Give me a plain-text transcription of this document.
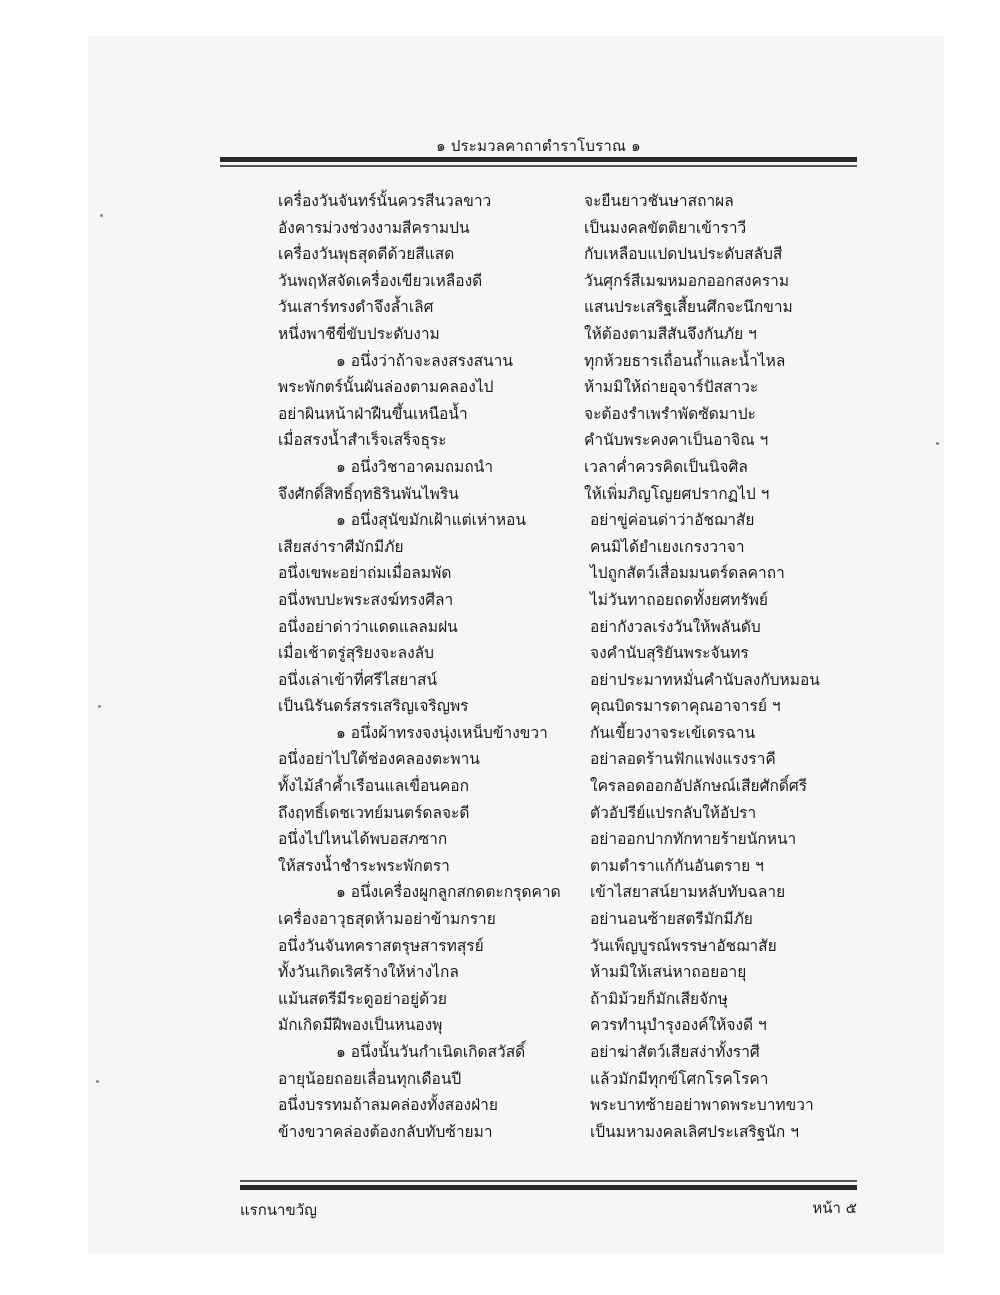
๑ ประมวลคาถาตำราโบราณ ๑
เครื่องวันจันทร์นั้นควรสีนวลขาว
อังคารม่วงช่วงงามสีครามปน
เครื่องวันพุธสุดดีด้วยสีแสด
วันพฤหัสจัดเครื่องเขียวเหลืองดี
วันเสาร์ทรงดำจึงล้ำเลิศ
หนึ่งพาชีขี่ขับประดับงาม
๑ อนึ่งว่าถ้าจะลงสรงสนาน
พระพักตร์นั้นผันล่องตามคลองไป
อย่าผินหน้าฝ่าฝืนขึ้นเหนือน้ำ
เมื่อสรงน้ำสำเร็จเสร็จธุระ
๑ อนึ่งวิชาอาคมถมถนำ
จึงศักดิ์สิทธิ์ฤทธิรินพันไพริน
๑ อนึ่งสุนัขมักเฝ้าแต่เห่าหอน
เสียสง่าราศีมักมีภัย
อนึ่งเขพะอย่าถ่มเมื่อลมพัด
อนึ่งพบปะพระสงฆ์ทรงศีลา
อนึ่งอย่าด่าว่าแดดแลลมฝน
เมื่อเช้าตรู่สุริยงจะลงลับ
อนึ่งเล่าเข้าที่ศรีไสยาสน์
เป็นนิรันดร์สรรเสริญเจริญพร
๑ อนึ่งผ้าทรงจงนุ่งเหน็บข้างขวา
อนึ่งอย่าไปใต้ช่องคลองตะพาน
ทั้งไม้ลำค้ำเรือนแลเขื่อนคอก
ถึงฤทธิ์เดชเวทย์มนตร์ดลจะดี
อนึ่งไปไหนได้พบอสภซาก
ให้สรงน้ำชำระพระพักตรา
๑ อนึ่งเครื่องผูกลูกสกดตะกรุดคาด
เครื่องอาวุธสุดห้ามอย่าข้ามกราย
อนึ่งวันจันทคราสตรุษสารทสุรย์
ทั้งวันเกิดเริศร้างให้ห่างไกล
แม้นสตรีมีระดูอย่าอยู่ด้วย
มักเกิดมีฝีพองเป็นหนองพุ
๑ อนึ่งนั้นวันกำเนิดเกิดสวัสดิ์
อายุน้อยถอยเลื่อนทุกเดือนปี
อนึ่งบรรทมถ้าลมคล่องทั้งสองฝ่าย
ข้างขวาคล่องต้องกลับทับซ้ายมา
จะยืนยาวชันษาสถาผล
เป็นมงคลขัตติยาเข้าราวี
กับเหลือบแปดปนประดับสลับสี
วันศุกร์สีเมฆหมอกออกสงคราม
แสนประเสริฐเสี้ยนศึกจะนึกขาม
ให้ต้องตามสีสันจึงกันภัย ฯ
ทุกห้วยธารเถื่อนถ้ำและน้ำไหล
ห้ามมิให้ถ่ายอุจาร์ปัสสาวะ
จะต้องรำเพรำพัดซัดมาปะ
คำนับพระคงคาเป็นอาจิณ ฯ
เวลาค่ำควรคิดเป็นนิจศิล
ให้เพิ่มภิญโญยศปรากฏไป ฯ
อย่าขู่ค่อนด่าว่าอัชฌาสัย
คนมิได้ยำเยงเกรงวาจา
ไปถูกสัตว์เสื่อมมนตร์ดลคาถา
ไม่วันทาถอยถดทั้งยศทรัพย์
อย่ากังวลเร่งวันให้พลันดับ
จงคำนับสุริยันพระจันทร
อย่าประมาทหมั่นคำนับลงกับหมอน
คุณบิดรมารดาคุณอาจารย์ ฯ
กันเขี้ยวงาจระเข้เดรฉาน
อย่าลอดร้านฟักแฟงแรงราคี
ใครลอดออกอัปลักษณ์เสียศักดิ์ศรี
ตัวอัปรีย์แปรกลับให้อัปรา
อย่าออกปากทักทายร้ายนักหนา
ตามตำราแก้กันอันตราย ฯ
เข้าไสยาสน์ยามหลับทับฉลาย
อย่านอนซ้ายสตรีมักมีภัย
วันเพ็ญบูรณ์พรรษาอัชฌาสัย
ห้ามมิให้เสน่หาถอยอายุ
ถ้ามิม้วยก็มักเสียจักษุ
ควรทำนุบำรุงองค์ให้จงดี ฯ
อย่าฆ่าสัตว์เสียสง่าทั้งราศี
แล้วมักมีทุกข์โศกโรคโรคา
พระบาทซ้ายอย่าพาดพระบาทขวา
เป็นมหามงคลเลิศประเสริฐนัก ฯ
แรกนาขวัญ	หน้า ๕
